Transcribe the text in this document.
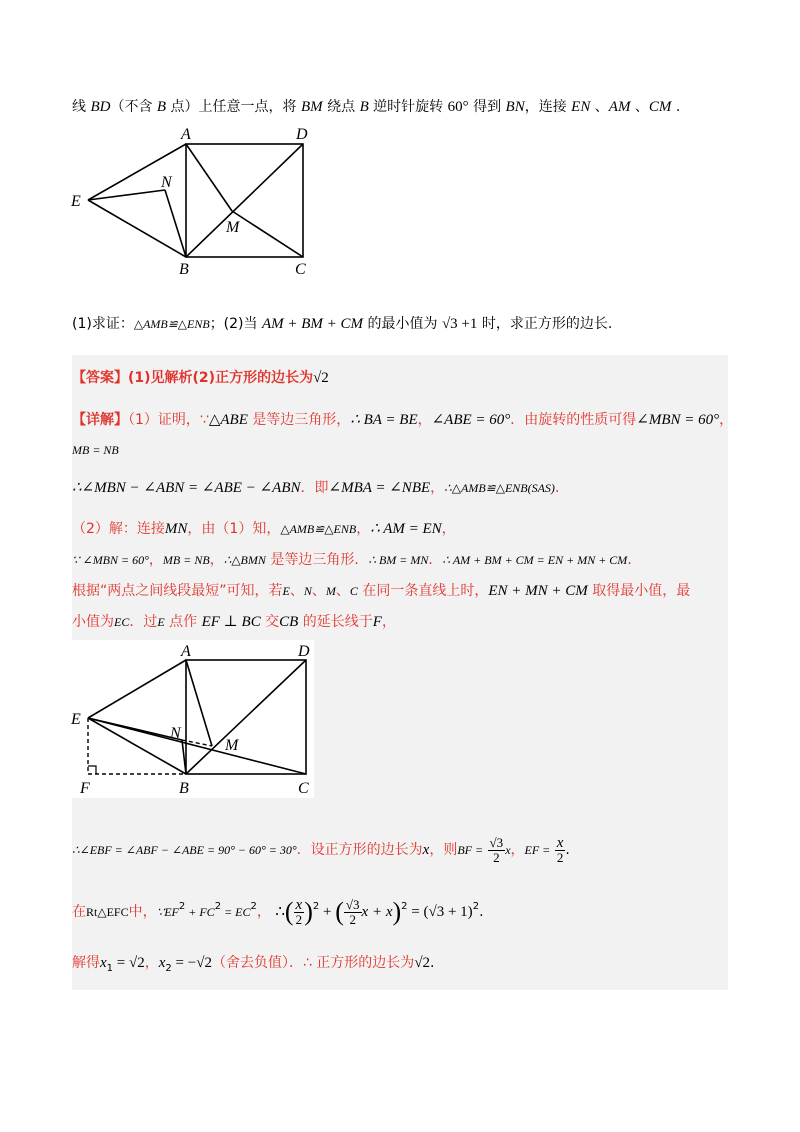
线 BD（不含 B 点）上任意一点，将 BM 绕点 B 逆时针旋转 60° 得到 BN，连接 EN 、AM 、CM .
A	D
E
N
M
B	C
(1)求证：△AMB≌△ENB；(2)当 AM + BM + CM 的最小值为 √3 +1 时，求正方形的边长.
【答案】(1)见解析(2)正方形的边长为√2
【详解】（1）证明，∵△ABE 是等边三角形，∴ BA = BE，∠ABE = 60°．由旋转的性质可得∠MBN = 60°，
MB = NB
∴∠MBN − ∠ABN = ∠ABE − ∠ABN．即∠MBA = ∠NBE，∴△AMB≌△ENB(SAS).
（2）解：连接MN，由（1）知，△AMB≌△ENB，∴ AM = EN，
∵ ∠MBN = 60°，MB = NB，∴△BMN 是等边三角形．∴ BM = MN．∴ AM + BM + CM = EN + MN + CM．
根据“两点之间线段最短”可知，若E、N、M、C 在同一条直线上时，EN + MN + CM 取得最小值，最
小值为EC．过E 点作 EF ⊥ BC 交CB 的延长线于F，
A	D
E
N
M
F	B	C
∴∠EBF = ∠ABF − ∠ABE = 90° − 60° = 30°．设正方形的边长为x，则BF = $\frac{√3}{2}$ x，EF = $\frac{x}{2}$ .
在Rt△EFC中，$\because EF^2 + FC^2 = EC^2$， ∴( $\frac{x}{2} )^2$ + ( $\frac{√3}{2}$ $x + x)^2 = (√3 + 1)^2$.
解得$x_1 = √2$，$x_2 = -√2$（舍去负值）．∴ 正方形的边长为√2.
